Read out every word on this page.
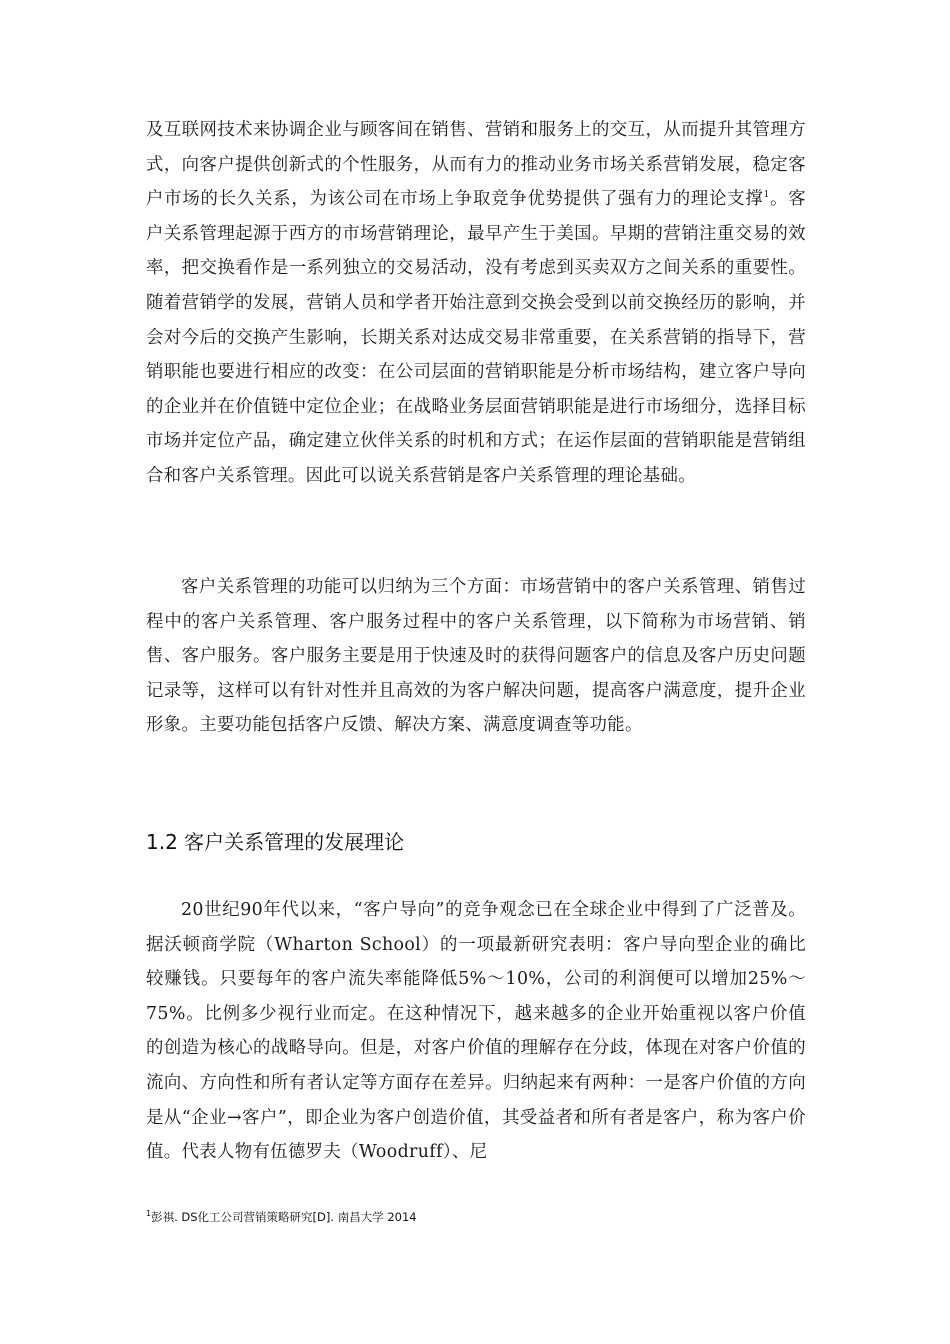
及互联网技术来协调企业与顾客间在销售、营销和服务上的交互，从而提升其管理方式，向客户提供创新式的个性服务，从而有力的推动业务市场关系营销发展，稳定客户市场的长久关系，为该公司在市场上争取竞争优势提供了强有力的理论支撑$^1$。客户关系管理起源于西方的市场营销理论，最早产生于美国。早期的营销注重交易的效率，把交换看作是一系列独立的交易活动，没有考虑到买卖双方之间关系的重要性。随着营销学的发展，营销人员和学者开始注意到交换会受到以前交换经历的影响，并会对今后的交换产生影响，长期关系对达成交易非常重要，在关系营销的指导下，营销职能也要进行相应的改变：在公司层面的营销职能是分析市场结构，建立客户导向的企业并在价值链中定位企业；在战略业务层面营销职能是进行市场细分，选择目标市场并定位产品，确定建立伙伴关系的时机和方式；在运作层面的营销职能是营销组合和客户关系管理。因此可以说关系营销是客户关系管理的理论基础。

客户关系管理的功能可以归纳为三个方面：市场营销中的客户关系管理、销售过程中的客户关系管理、客户服务过程中的客户关系管理，以下简称为市场营销、销售、客户服务。客户服务主要是用于快速及时的获得问题客户的信息及客户历史问题记录等，这样可以有针对性并且高效的为客户解决问题，提高客户满意度，提升企业形象。主要功能包括客户反馈、解决方案、满意度调查等功能。

1.2 客户关系管理的发展理论

20世纪90年代以来，“客户导向”的竞争观念已在全球企业中得到了广泛普及。据沃顿商学院（Wharton School）的一项最新研究表明：客户导向型企业的确比较赚钱。只要每年的客户流失率能降低5%～10%，公司的利润便可以增加25%～75%。比例多少视行业而定。在这种情况下，越来越多的企业开始重视以客户价值的创造为核心的战略导向。但是，对客户价值的理解存在分歧，体现在对客户价值的流向、方向性和所有者认定等方面存在差异。归纳起来有两种：一是客户价值的方向是从“企业→客户”，即企业为客户创造价值，其受益者和所有者是客户，称为客户价值。代表人物有伍德罗夫（Woodruff）、尼

$^1$彭祺. DS化工公司营销策略研究[D]. 南昌大学 2014
